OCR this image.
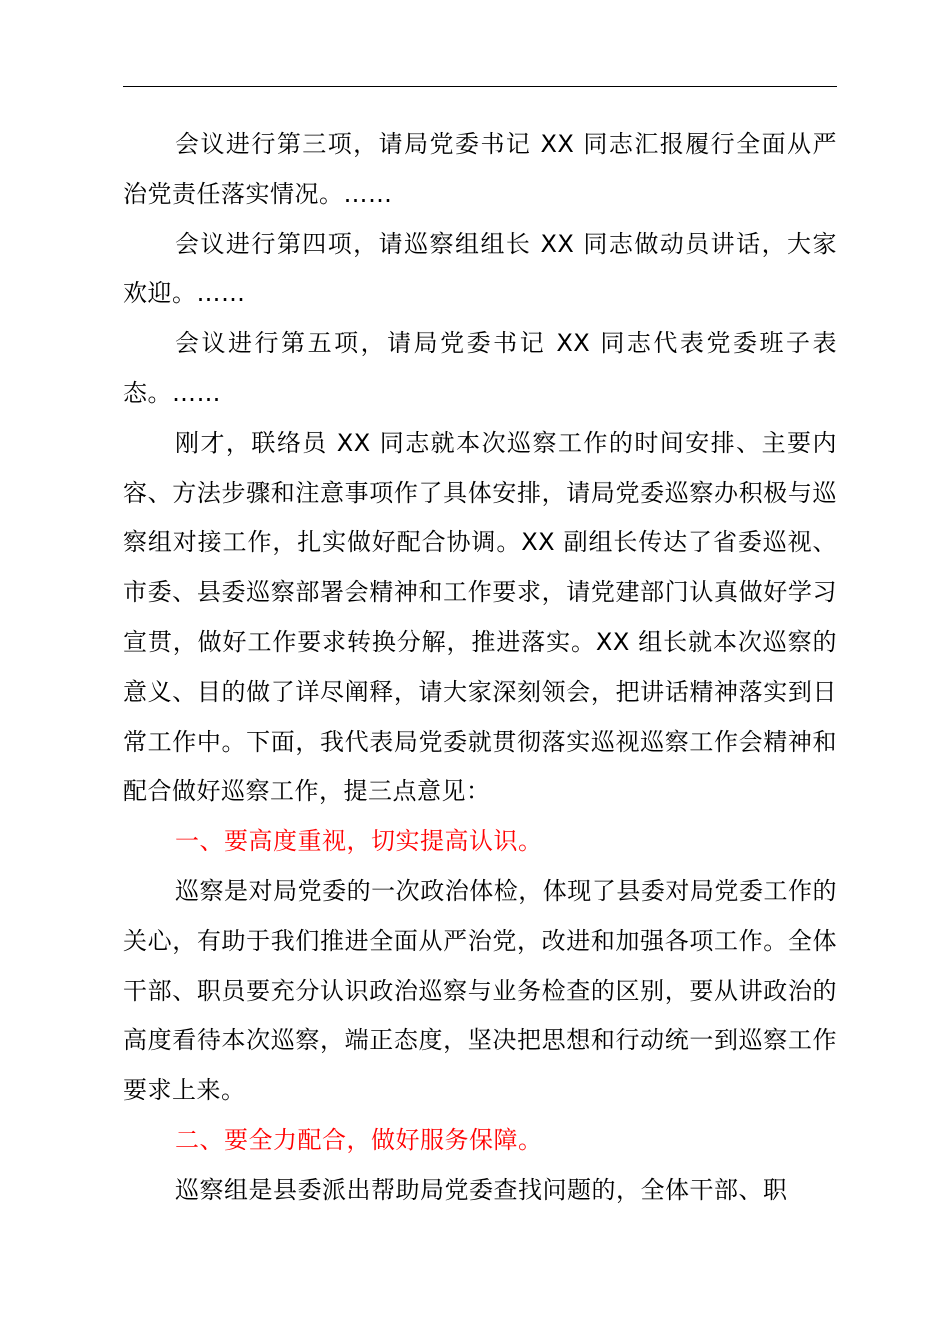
会议进行第三项，请局党委书记 XX 同志汇报履行全面从严治党责任落实情况。……

会议进行第四项，请巡察组组长 XX 同志做动员讲话，大家欢迎。……

会议进行第五项，请局党委书记 XX 同志代表党委班子表态。……

刚才，联络员 XX 同志就本次巡察工作的时间安排、主要内容、方法步骤和注意事项作了具体安排，请局党委巡察办积极与巡察组对接工作，扎实做好配合协调。XX 副组长传达了省委巡视、市委、县委巡察部署会精神和工作要求，请党建部门认真做好学习宣贯，做好工作要求转换分解，推进落实。XX 组长就本次巡察的意义、目的做了详尽阐释，请大家深刻领会，把讲话精神落实到日常工作中。下面，我代表局党委就贯彻落实巡视巡察工作会精神和配合做好巡察工作，提三点意见：

一、要高度重视，切实提高认识。

巡察是对局党委的一次政治体检，体现了县委对局党委工作的关心，有助于我们推进全面从严治党，改进和加强各项工作。全体干部、职员要充分认识政治巡察与业务检查的区别，要从讲政治的高度看待本次巡察，端正态度，坚决把思想和行动统一到巡察工作要求上来。

二、要全力配合，做好服务保障。

巡察组是县委派出帮助局党委查找问题的，全体干部、职
